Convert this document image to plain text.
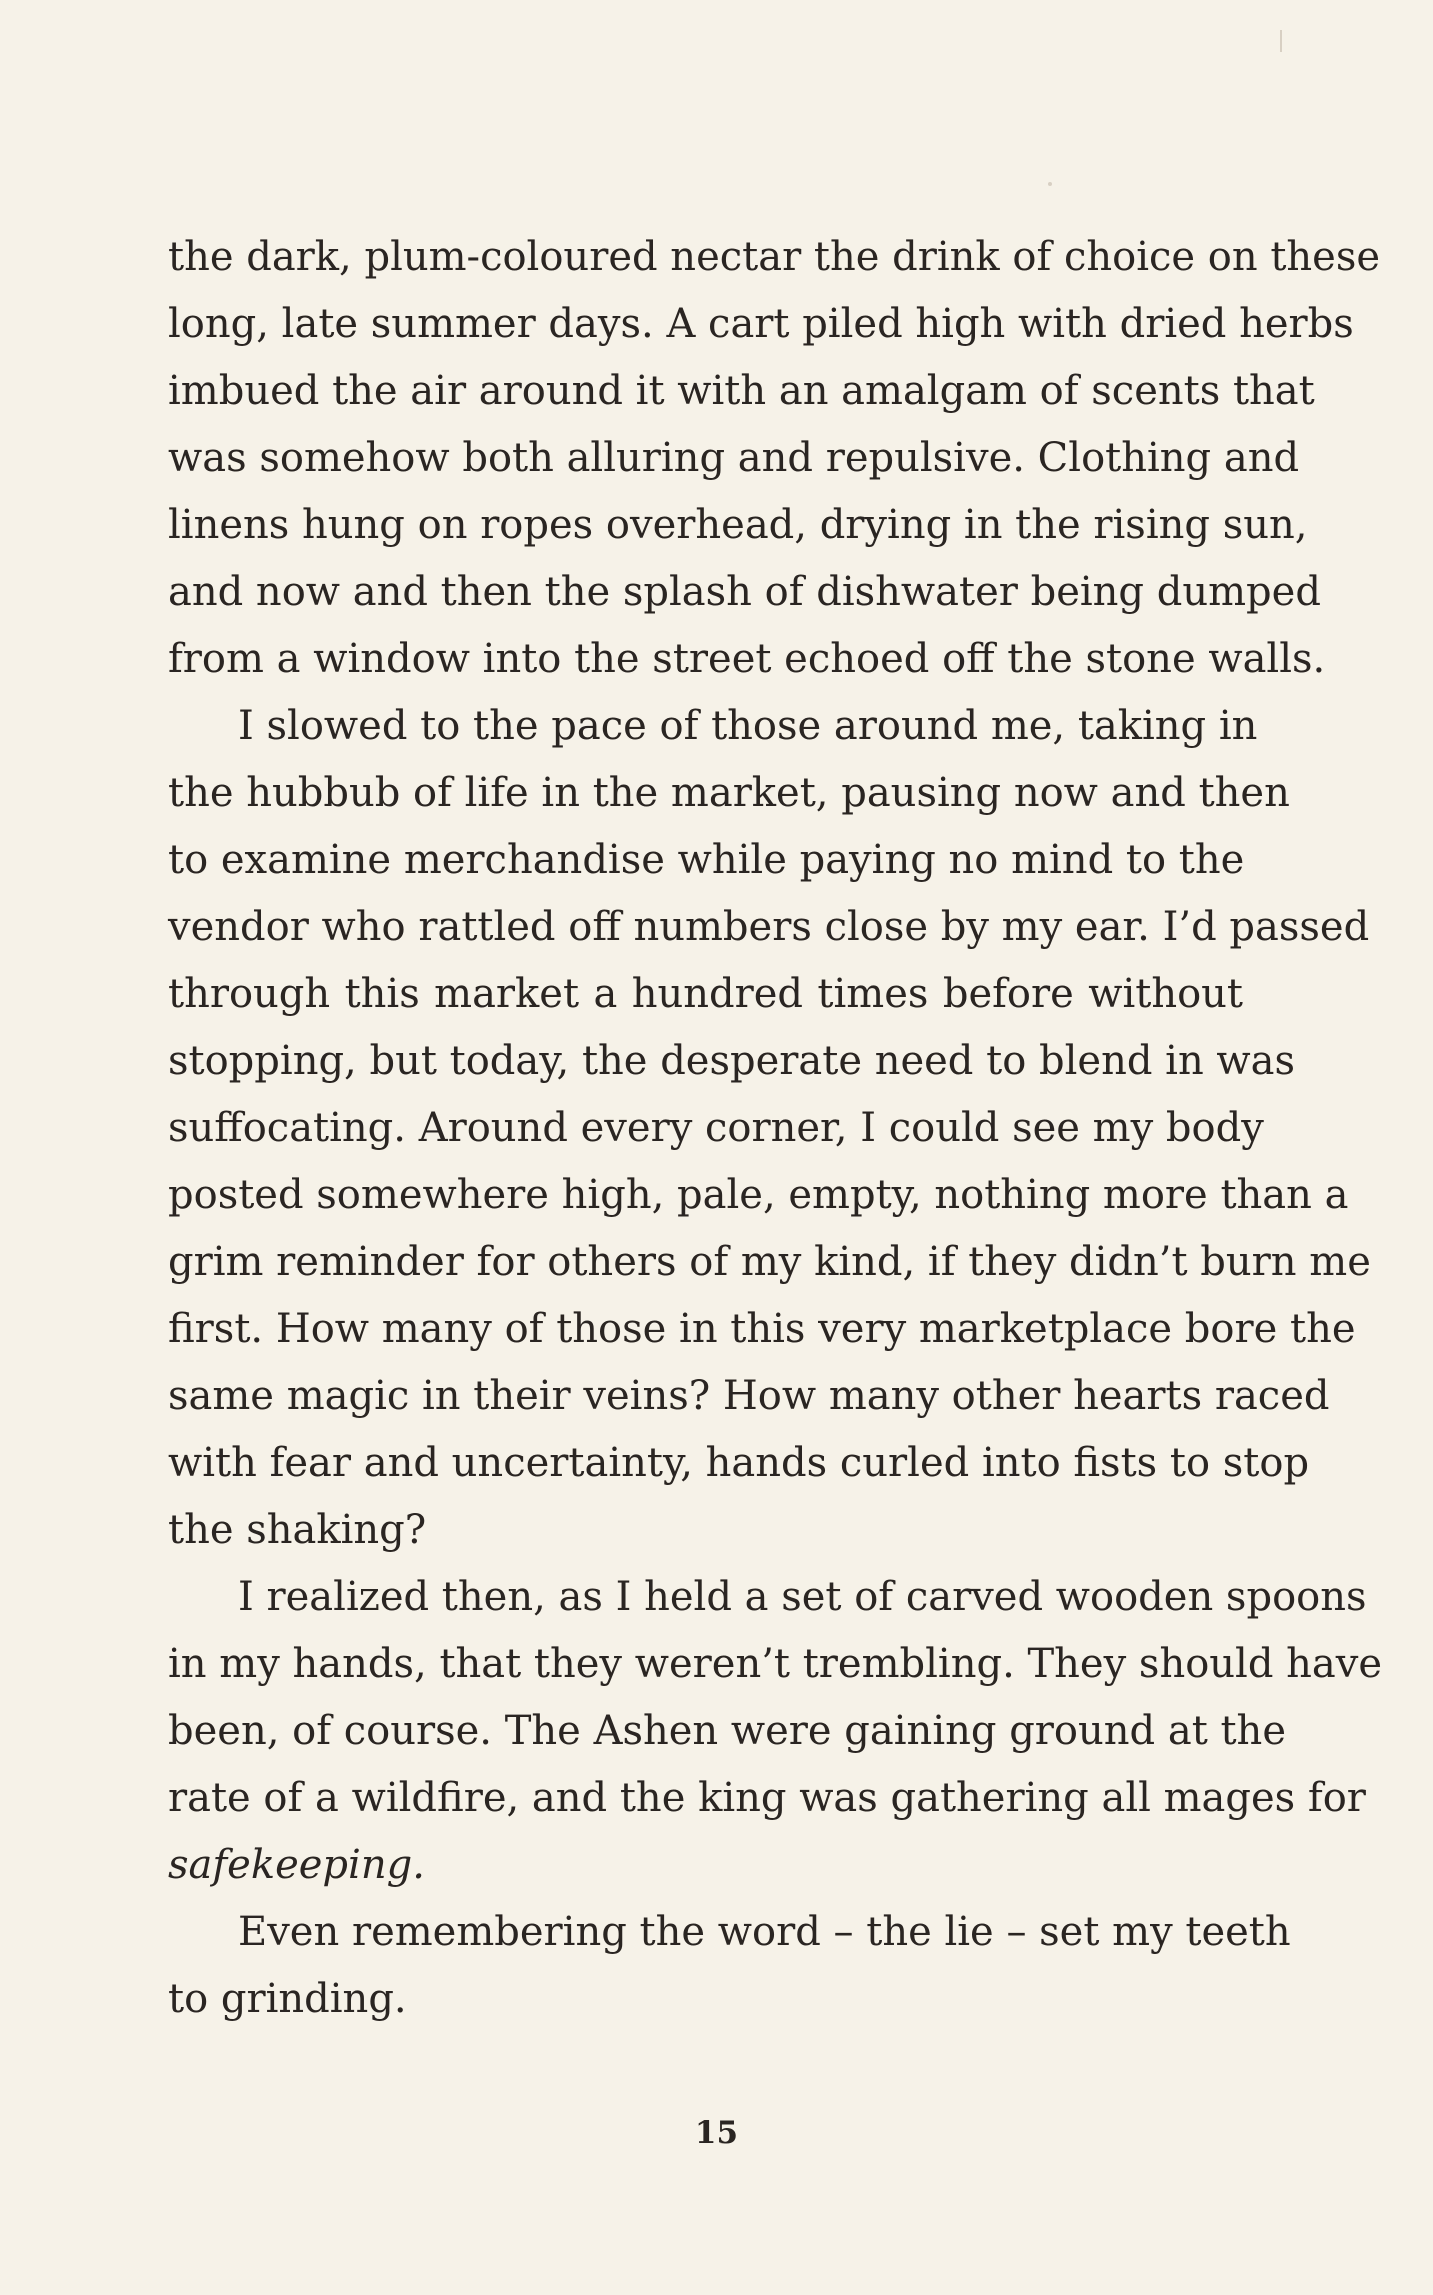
the dark, plum-coloured nectar the drink of choice on these
long, late summer days. A cart piled high with dried herbs
imbued the air around it with an amalgam of scents that
was somehow both alluring and repulsive. Clothing and
linens hung on ropes overhead, drying in the rising sun,
and now and then the splash of dishwater being dumped
from a window into the street echoed off the stone walls.
I slowed to the pace of those around me, taking in
the hubbub of life in the market, pausing now and then
to examine merchandise while paying no mind to the
vendor who rattled off numbers close by my ear. I’d passed
through this market a hundred times before without
stopping, but today, the desperate need to blend in was
suffocating. Around every corner, I could see my body
posted somewhere high, pale, empty, nothing more than a
grim reminder for others of my kind, if they didn’t burn me
first. How many of those in this very marketplace bore the
same magic in their veins? How many other hearts raced
with fear and uncertainty, hands curled into fists to stop
the shaking?
I realized then, as I held a set of carved wooden spoons
in my hands, that they weren’t trembling. They should have
been, of course. The Ashen were gaining ground at the
rate of a wildfire, and the king was gathering all mages for
safekeeping.
Even remembering the word – the lie – set my teeth
to grinding.
15
